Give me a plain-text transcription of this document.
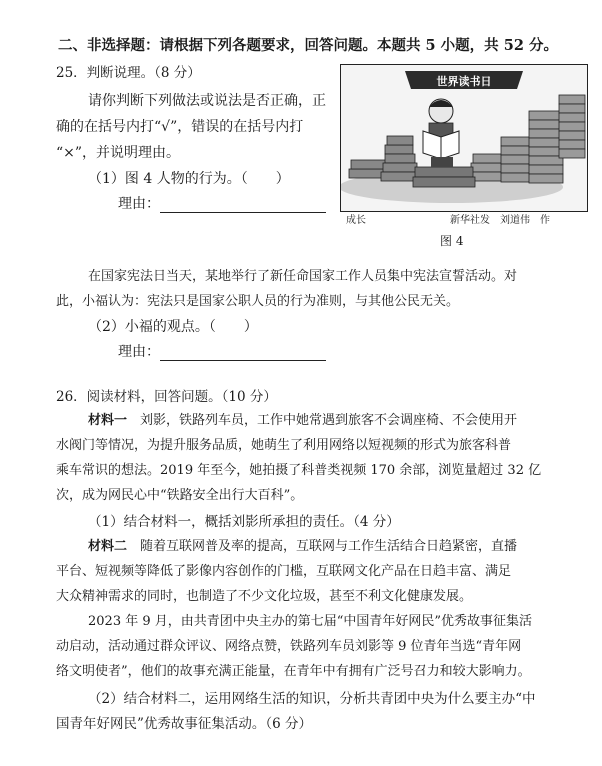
二、非选择题：请根据下列各题要求，回答问题。本题共 5 小题，共 52 分。
25．判断说理。（8 分）
请你判断下列做法或说法是否正确，正
确的在括号内打“√”，错误的在括号内打
“×”，并说明理由。
（1）图 4 人物的行为。（　　）
理由：
世界读书日
成长	新华社发　刘道伟　作
图 4
在国家宪法日当天，某地举行了新任命国家工作人员集中宪法宣誓活动。对
此，小福认为：宪法只是国家公职人员的行为准则，与其他公民无关。
（2）小福的观点。（　　）
理由：
26．阅读材料，回答问题。（10 分）
材料一　刘影，铁路列车员，工作中她常遇到旅客不会调座椅、不会使用开
水阀门等情况，为提升服务品质，她萌生了利用网络以短视频的形式为旅客科普
乘车常识的想法。2019 年至今，她拍摄了科普类视频 170 余部，浏览量超过 32 亿
次，成为网民心中“铁路安全出行大百科”。
（1）结合材料一，概括刘影所承担的责任。（4 分）
材料二　随着互联网普及率的提高，互联网与工作生活结合日趋紧密，直播
平台、短视频等降低了影像内容创作的门槛，互联网文化产品在日趋丰富、满足
大众精神需求的同时，也制造了不少文化垃圾，甚至不利文化健康发展。
2023 年 9 月，由共青团中央主办的第七届“中国青年好网民”优秀故事征集活
动启动，活动通过群众评议、网络点赞，铁路列车员刘影等 9 位青年当选“青年网
络文明使者”，他们的故事充满正能量，在青年中有拥有广泛号召力和较大影响力。
（2）结合材料二，运用网络生活的知识，分析共青团中央为什么要主办“中
国青年好网民”优秀故事征集活动。（6 分）
